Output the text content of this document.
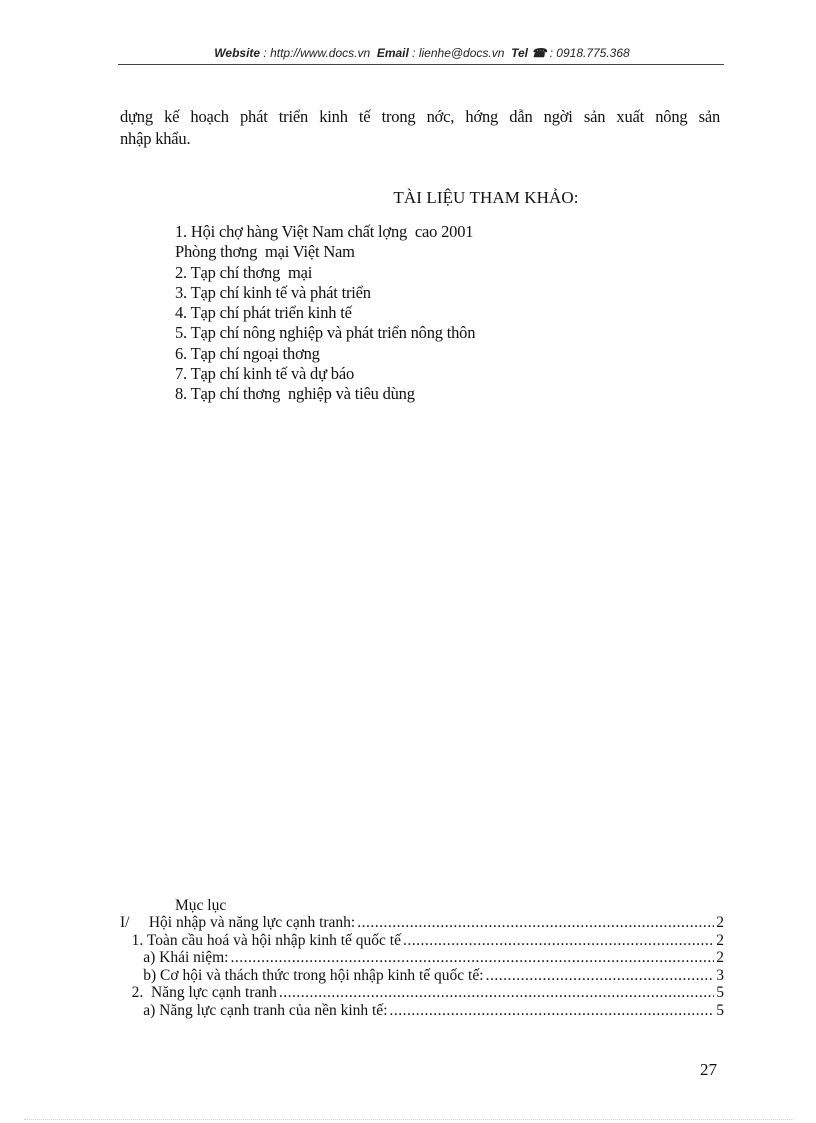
Website : http://www.docs.vn Email : lienhe@docs.vn Tel ☎ : 0918.775.368
dựng kế hoạch phát triển kinh tế trong nớc, hớng dẫn ngời sản xuất nông sản
nhập khẩu.
TÀI LIỆU THAM KHẢO:
1. Hội chợ hàng Việt Nam chất lợng  cao 2001
Phòng thơng  mại Việt Nam
2. Tạp chí thơng  mại
3. Tạp chí kinh tế và phát triển
4. Tạp chí phát triển kinh tế
5. Tạp chí nông nghiệp và phát triển nông thôn
6. Tạp chí ngoại thơng
7. Tạp chí kinh tế và dự báo
8. Tạp chí thơng  nghiệp và tiêu dùng
Mục lục
I/     Hội nhập và năng lực cạnh tranh: .....	2
1. Toàn cầu hoá và hội nhập kinh tế quốc tế .....	2
a) Khái niệm: .....	2
b) Cơ hội và thách thức trong hội nhập kinh tế quốc tế: .....	3
2.  Năng lực cạnh tranh .....	5
a) Năng lực cạnh tranh của nền kinh tế: .....	5
27
